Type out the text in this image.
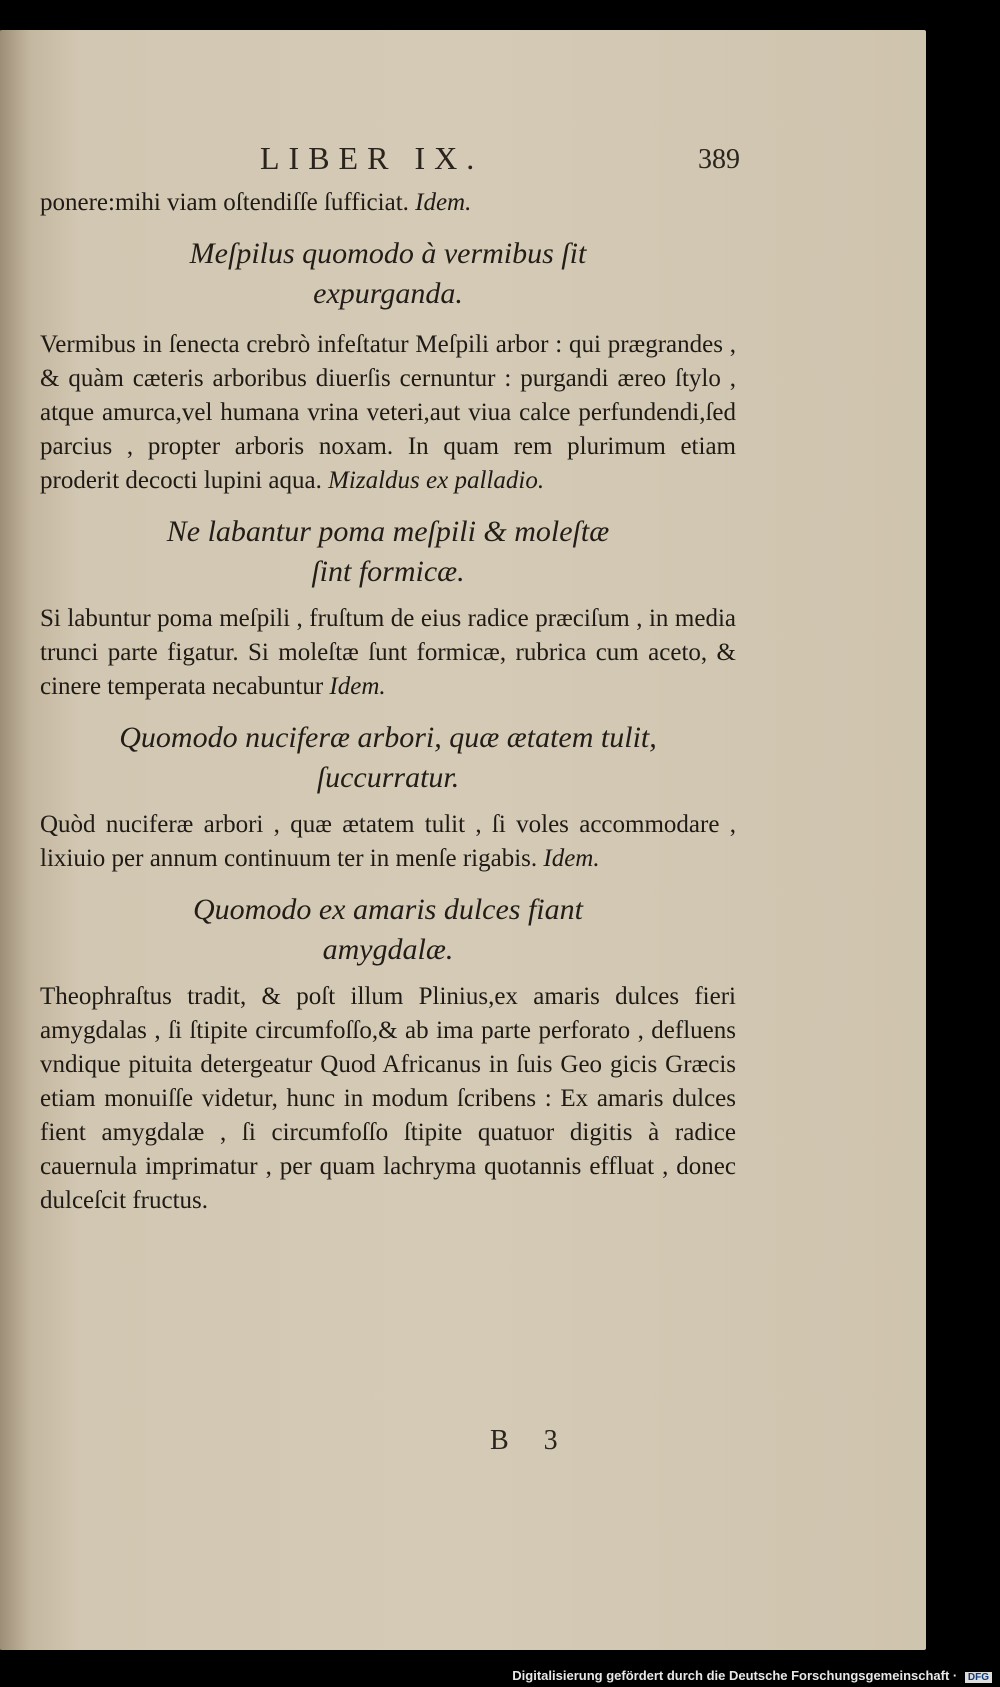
LIBER IX.	389

ponere:mihi viam oſtendiſſe ſufficiat. Idem.

Meſpilus quomodo à vermibus ſit
expurganda.

Vermibus in ſenecta crebrò infeſtatur Meſpili arbor : qui prægrandes , & quàm cæteris arboribus diuerſis cernuntur : purgandi æreo ſtylo , atque amurca,vel humana vrina veteri,aut viua calce perfundendi,ſed parcius , propter arboris noxam. In quam rem plurimum etiam proderit decocti lupini aqua. Mizaldus ex palladio.

Ne labantur poma meſpili & moleſtæ
ſint formicæ.

Si labuntur poma meſpili , fruſtum de eius radice præciſum , in media trunci parte figatur. Si moleſtæ ſunt formicæ, rubrica cum aceto, & cinere temperata necabuntur Idem.

Quomodo nuciferæ arbori, quæ ætatem tulit,
ſuccurratur.

Quòd nuciferæ arbori , quæ ætatem tulit , ſi voles accommodare , lixiuio per annum continuum ter in menſe rigabis. Idem.

Quomodo ex amaris dulces fiant
amygdalæ.

Theophraſtus tradit, & poſt illum Plinius,ex amaris dulces fieri amygdalas , ſi ſtipite circumfoſſo,& ab ima parte perforato , defluens vndique pituita detergeatur Quod Africanus in ſuis Geo gicis Græcis etiam monuiſſe videtur, hunc in modum ſcribens : Ex amaris dulces fient amygdalæ , ſi circumfoſſo ſtipite quatuor digitis à radice cauernula imprimatur , per quam lachryma quotannis effluat , donec dulceſcit fructus.

B 3
Digitalisierung gefördert durch die Deutsche Forschungsgemeinschaft · DFG
